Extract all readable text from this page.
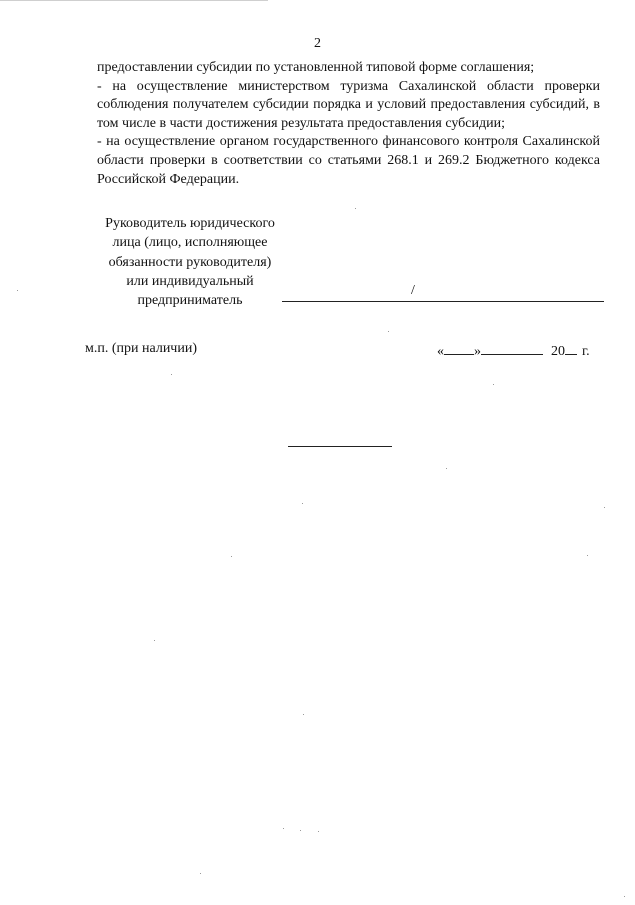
2

предоставлении субсидии по установленной типовой форме соглашения;

- на осуществление министерством туризма Сахалинской области проверки соблюдения получателем субсидии порядка и условий предоставления субсидий, в том числе в части достижения результата предоставления субсидии;

- на осуществление органом государственного финансового контроля Сахалинской области проверки в соответствии со статьями 268.1 и 269.2 Бюджетного кодекса Российской Федерации.

Руководитель юридического
лица (лицо, исполняющее
обязанности руководителя)
или индивидуальный
предприниматель
/
м.п. (при наличии)	« »	20 г.
